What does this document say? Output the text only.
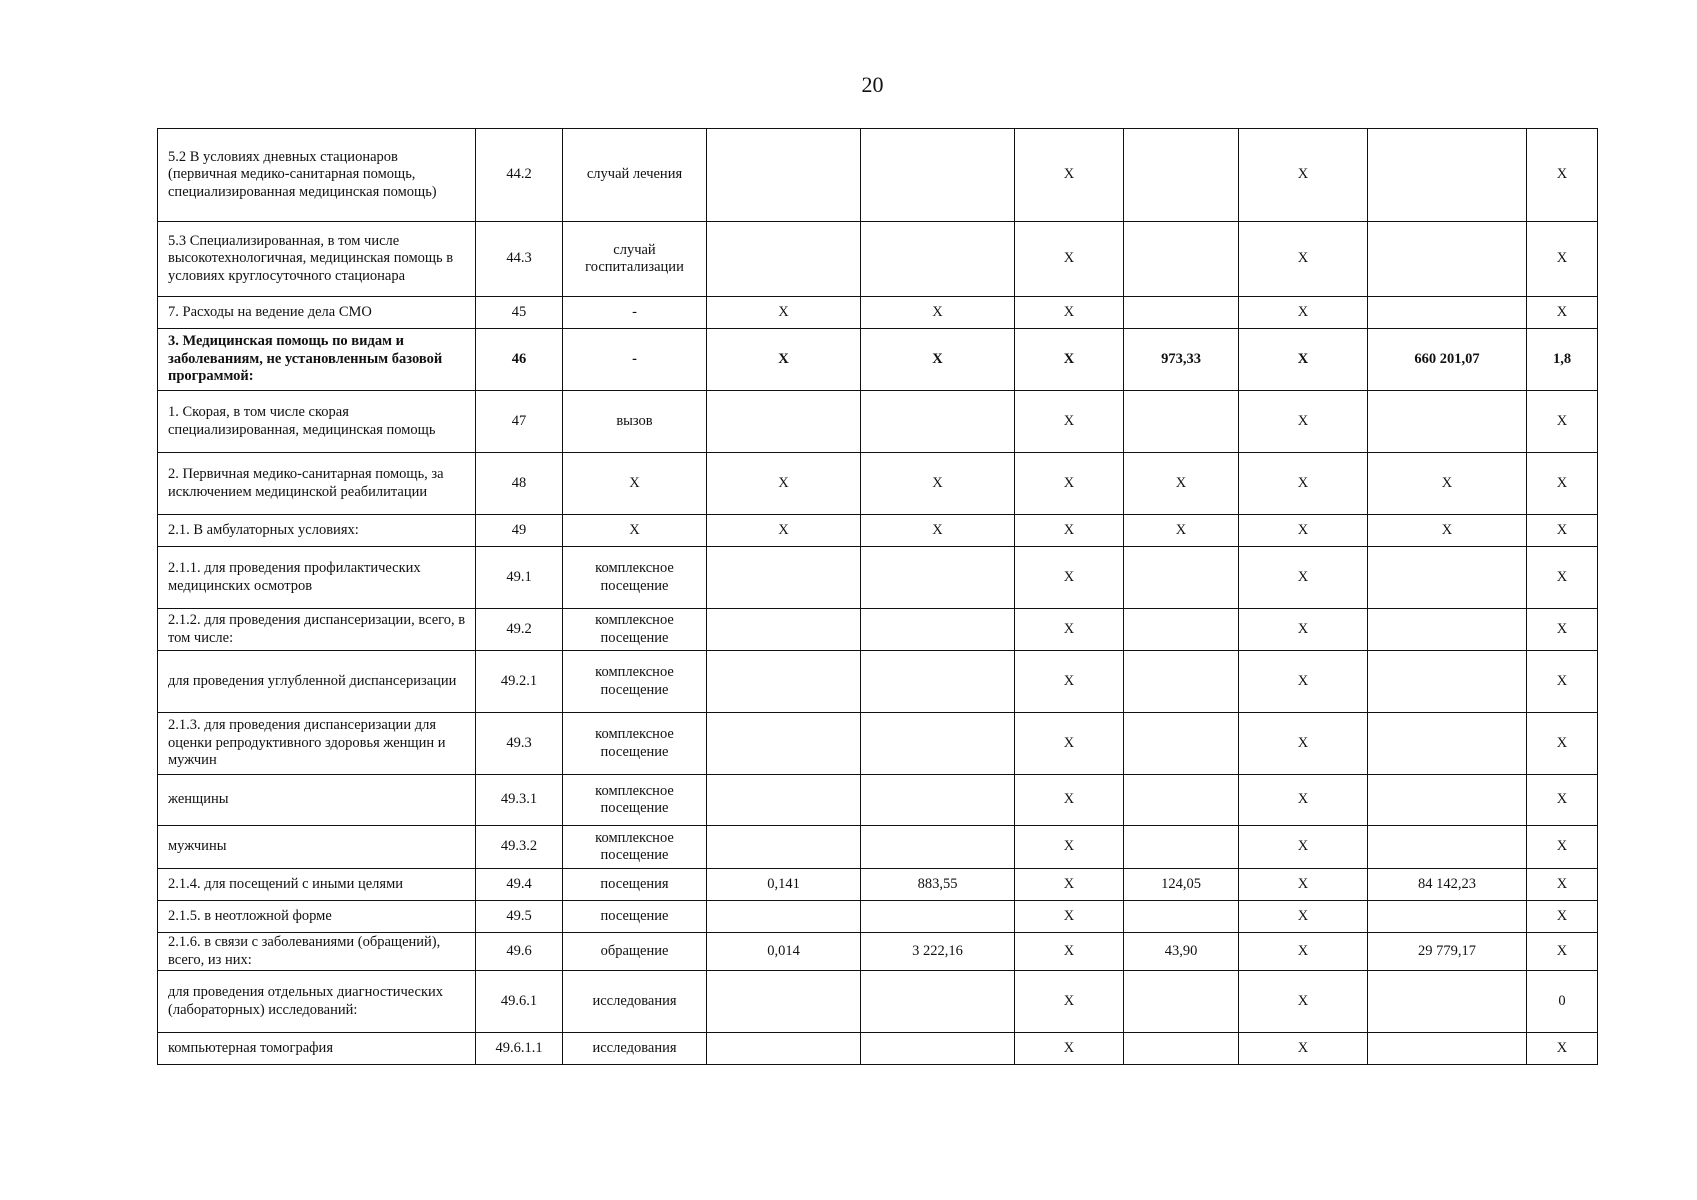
20
5.2 В условиях дневных стационаров (первичная медико-санитарная помощь, специализированная медицинская помощь)	44.2	случай лечения			Х		Х		Х
5.3 Специализированная, в том числе высокотехнологичная, медицинская помощь в условиях круглосуточного стационара	44.3	случай госпитализации			Х		Х		Х
7. Расходы на ведение дела СМО	45	-	Х	Х	Х		Х		Х
3. Медицинская помощь по видам и заболеваниям, не установленным базовой программой:	46	-	Х	Х	Х	973,33	Х	660 201,07	1,8
1. Скорая, в том числе скорая специализированная, медицинская помощь	47	вызов			Х		Х		Х
2. Первичная медико-санитарная помощь, за исключением медицинской реабилитации	48	Х	Х	Х	Х	Х	Х	Х	Х
2.1. В амбулаторных условиях:	49	Х	Х	Х	Х	Х	Х	Х	Х
2.1.1. для проведения профилактических медицинских осмотров	49.1	комплексное посещение			Х		Х		Х
2.1.2. для проведения диспансеризации, всего, в том числе:	49.2	комплексное посещение			Х		Х		Х
для проведения углубленной диспансеризации	49.2.1	комплексное посещение			Х		Х		Х
2.1.3. для проведения диспансеризации для оценки репродуктивного здоровья женщин и мужчин	49.3	комплексное посещение			Х		Х		Х
женщины	49.3.1	комплексное посещение			Х		Х		Х
мужчины	49.3.2	комплексное посещение			Х		Х		Х
2.1.4. для посещений с иными целями	49.4	посещения	0,141	883,55	Х	124,05	Х	84 142,23	Х
2.1.5. в неотложной форме	49.5	посещение			Х		Х		Х
2.1.6. в связи с заболеваниями (обращений), всего, из них:	49.6	обращение	0,014	3 222,16	Х	43,90	Х	29 779,17	Х
для проведения отдельных диагностических (лабораторных) исследований:	49.6.1	исследования			Х		Х		0
компьютерная томография	49.6.1.1	исследования			Х		Х		Х
